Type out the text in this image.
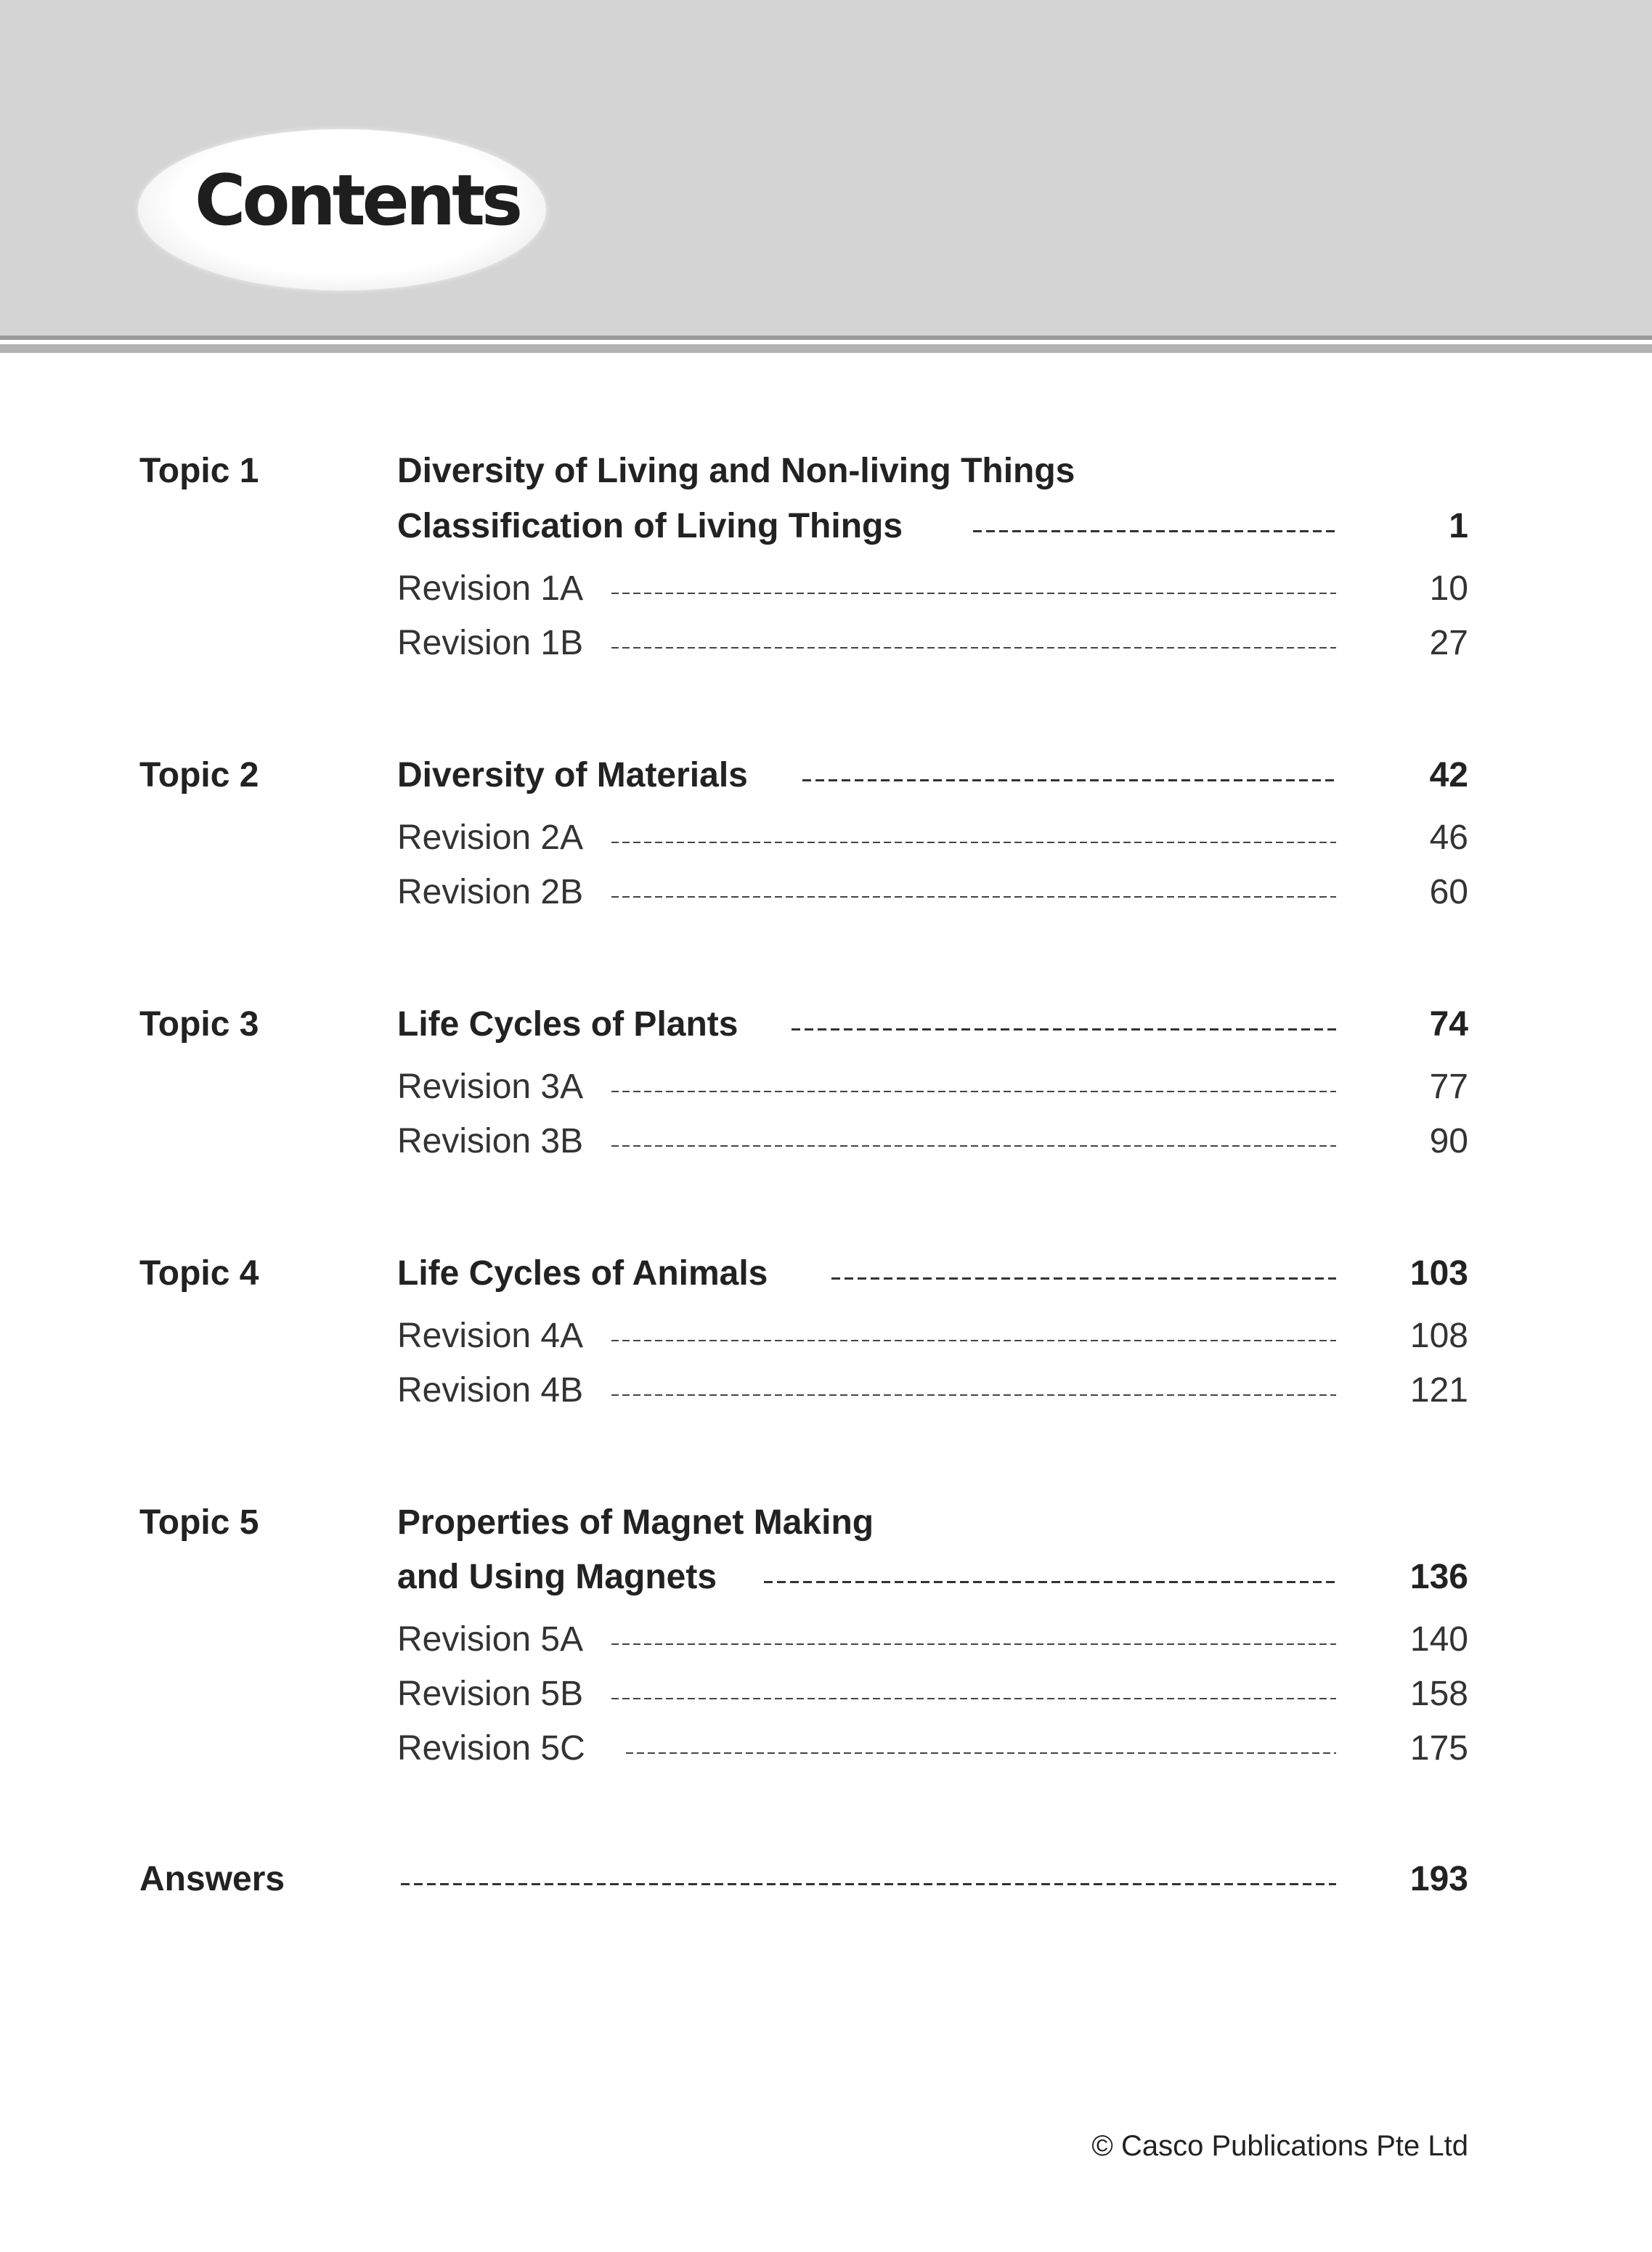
Contents
Topic 1	Diversity of Living and Non-living Things
Classification of Living Things	1
Revision 1A	10
Revision 1B	27
Topic 2	Diversity of Materials	42
Revision 2A	46
Revision 2B	60
Topic 3	Life Cycles of Plants	74
Revision 3A	77
Revision 3B	90
Topic 4	Life Cycles of Animals	103
Revision 4A	108
Revision 4B	121
Topic 5	Properties of Magnet Making
and Using Magnets	136
Revision 5A	140
Revision 5B	158
Revision 5C	175
Answers	193
© Casco Publications Pte Ltd
